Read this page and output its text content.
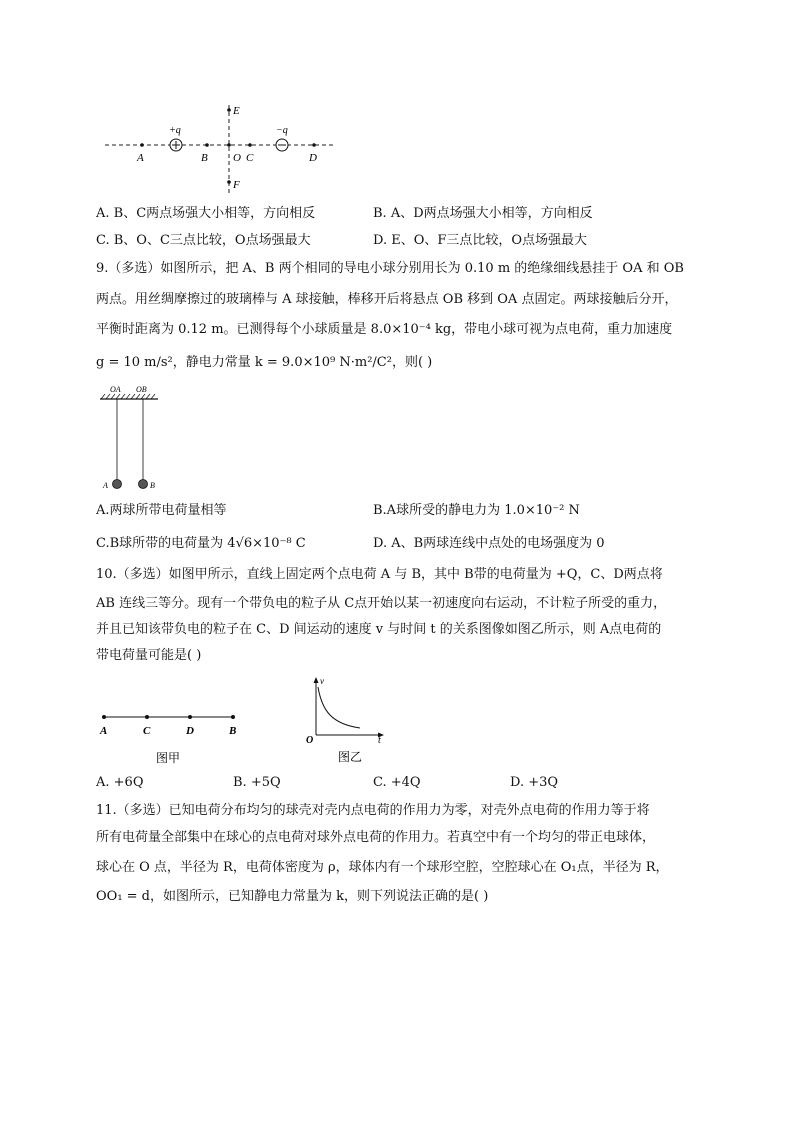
E
F
A	B O C	D
+q	−q
A. B、C两点场强大小相等，方向相反	B. A、D两点场强大小相等，方向相反
C. B、O、C三点比较，O点场强最大	D. E、O、F三点比较，O点场强最大
9.（多选）如图所示，把 A、B 两个相同的导电小球分别用长为 0.10 m 的绝缘细线悬挂于 OA 和 OB
两点。用丝绸摩擦过的玻璃棒与 A 球接触，棒移开后将悬点 OB 移到 OA 点固定。两球接触后分开，
平衡时距离为 0.12 m。已测得每个小球质量是 8.0×10⁻⁴ kg，带电小球可视为点电荷，重力加速度
g = 10 m/s²，静电力常量 k = 9.0×10⁹ N·m²/C²，则( )
OA OB
A	B
A.两球所带电荷量相等	B.A球所受的静电力为 1.0×10⁻² N
C.B球所带的电荷量为 4√6×10⁻⁸ C	D. A、B两球连线中点处的电场强度为 0
10.（多选）如图甲所示，直线上固定两个点电荷 A 与 B，其中 B带的电荷量为 +Q，C、D两点将
AB 连线三等分。现有一个带负电的粒子从 C点开始以某一初速度向右运动，不计粒子所受的重力，
并且已知该带负电的粒子在 C、D 间运动的速度 v 与时间 t 的关系图像如图乙所示，则 A点电荷的
带电荷量可能是( )
A	C	D	B
图甲
v
O	t
图乙
A. +6Q	B. +5Q	C. +4Q	D. +3Q
11.（多选）已知电荷分布均匀的球壳对壳内点电荷的作用力为零，对壳外点电荷的作用力等于将
所有电荷量全部集中在球心的点电荷对球外点电荷的作用力。若真空中有一个均匀的带正电球体，
球心在 O 点，半径为 R，电荷体密度为 ρ，球体内有一个球形空腔，空腔球心在 O₁点，半径为 R，
OO₁ = d，如图所示，已知静电力常量为 k，则下列说法正确的是( )
